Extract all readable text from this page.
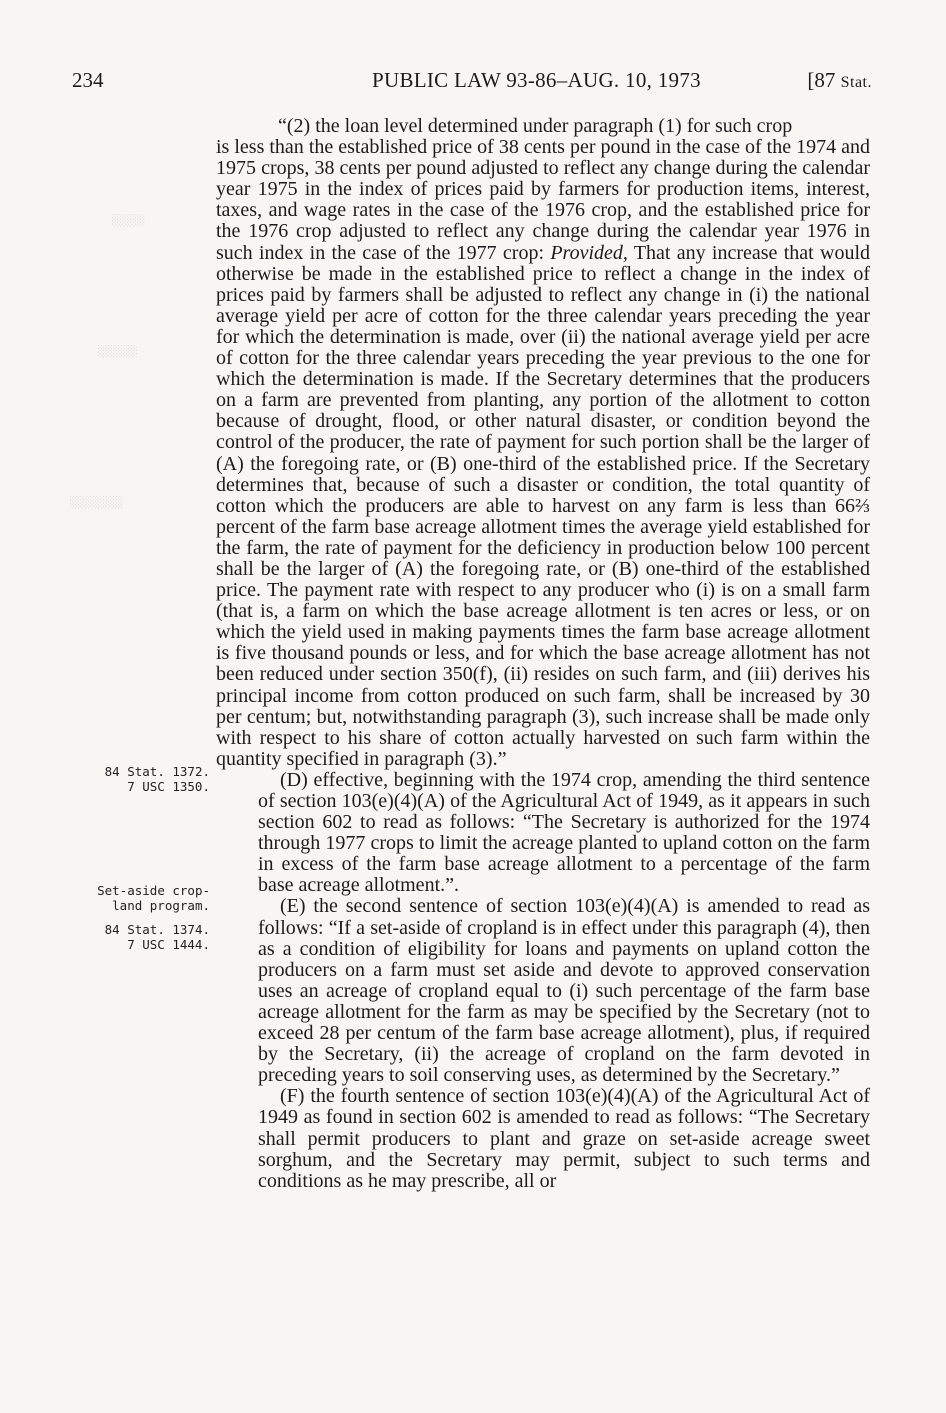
234	PUBLIC LAW 93-86–AUG. 10, 1973	[87 Stat.
░░░░░
░░░░░░
░░░░░░░░
84 Stat. 1372.
7 USC 1350.
Set-aside crop-
land program.
84 Stat. 1374.
7 USC 1444.

“(2) the loan level determined under paragraph (1) for such crop

is less than the established price of 38 cents per pound in the case of the 1974 and 1975 crops, 38 cents per pound adjusted to reflect any change during the calendar year 1975 in the index of prices paid by farmers for production items, interest, taxes, and wage rates in the case of the 1976 crop, and the established price for the 1976 crop adjusted to reflect any change during the calendar year 1976 in such index in the case of the 1977 crop: Provided, That any increase that would otherwise be made in the established price to reflect a change in the index of prices paid by farmers shall be adjusted to reflect any change in (i) the national average yield per acre of cotton for the three calendar years preceding the year for which the determination is made, over (ii) the national average yield per acre of cotton for the three calendar years preceding the year previous to the one for which the determination is made. If the Secretary determines that the producers on a farm are prevented from planting, any portion of the allotment to cotton because of drought, flood, or other natural disaster, or condition beyond the control of the producer, the rate of payment for such portion shall be the larger of (A) the foregoing rate, or (B) one-third of the established price. If the Secretary determines that, because of such a disaster or condition, the total quantity of cotton which the producers are able to harvest on any farm is less than 66⅔ percent of the farm base acreage allotment times the average yield established for the farm, the rate of payment for the deficiency in production below 100 percent shall be the larger of (A) the foregoing rate, or (B) one-third of the established price. The payment rate with respect to any producer who (i) is on a small farm (that is, a farm on which the base acreage allotment is ten acres or less, or on which the yield used in making payments times the farm base acreage allotment is five thousand pounds or less, and for which the base acreage allotment has not been reduced under section 350(f), (ii) resides on such farm, and (iii) derives his principal income from cotton produced on such farm, shall be increased by 30 per centum; but, notwithstanding paragraph (3), such increase shall be made only with respect to his share of cotton actually harvested on such farm within the quantity specified in paragraph (3).”

(D) effective, beginning with the 1974 crop, amending the third sentence of section 103(e)(4)(A) of the Agricultural Act of 1949, as it appears in such section 602 to read as follows: “The Secretary is authorized for the 1974 through 1977 crops to limit the acreage planted to upland cotton on the farm in excess of the farm base acreage allotment to a percentage of the farm base acreage allotment.”.

(E) the second sentence of section 103(e)(4)(A) is amended to read as follows: “If a set-aside of cropland is in effect under this paragraph (4), then as a condition of eligibility for loans and payments on upland cotton the producers on a farm must set aside and devote to approved conservation uses an acreage of cropland equal to (i) such percentage of the farm base acreage allotment for the farm as may be specified by the Secretary (not to exceed 28 per centum of the farm base acreage allotment), plus, if required by the Secretary, (ii) the acreage of cropland on the farm devoted in preceding years to soil conserving uses, as determined by the Secretary.”

(F) the fourth sentence of section 103(e)(4)(A) of the Agricultural Act of 1949 as found in section 602 is amended to read as follows: “The Secretary shall permit producers to plant and graze on set-aside acreage sweet sorghum, and the Secretary may permit, subject to such terms and conditions as he may prescribe, all or
